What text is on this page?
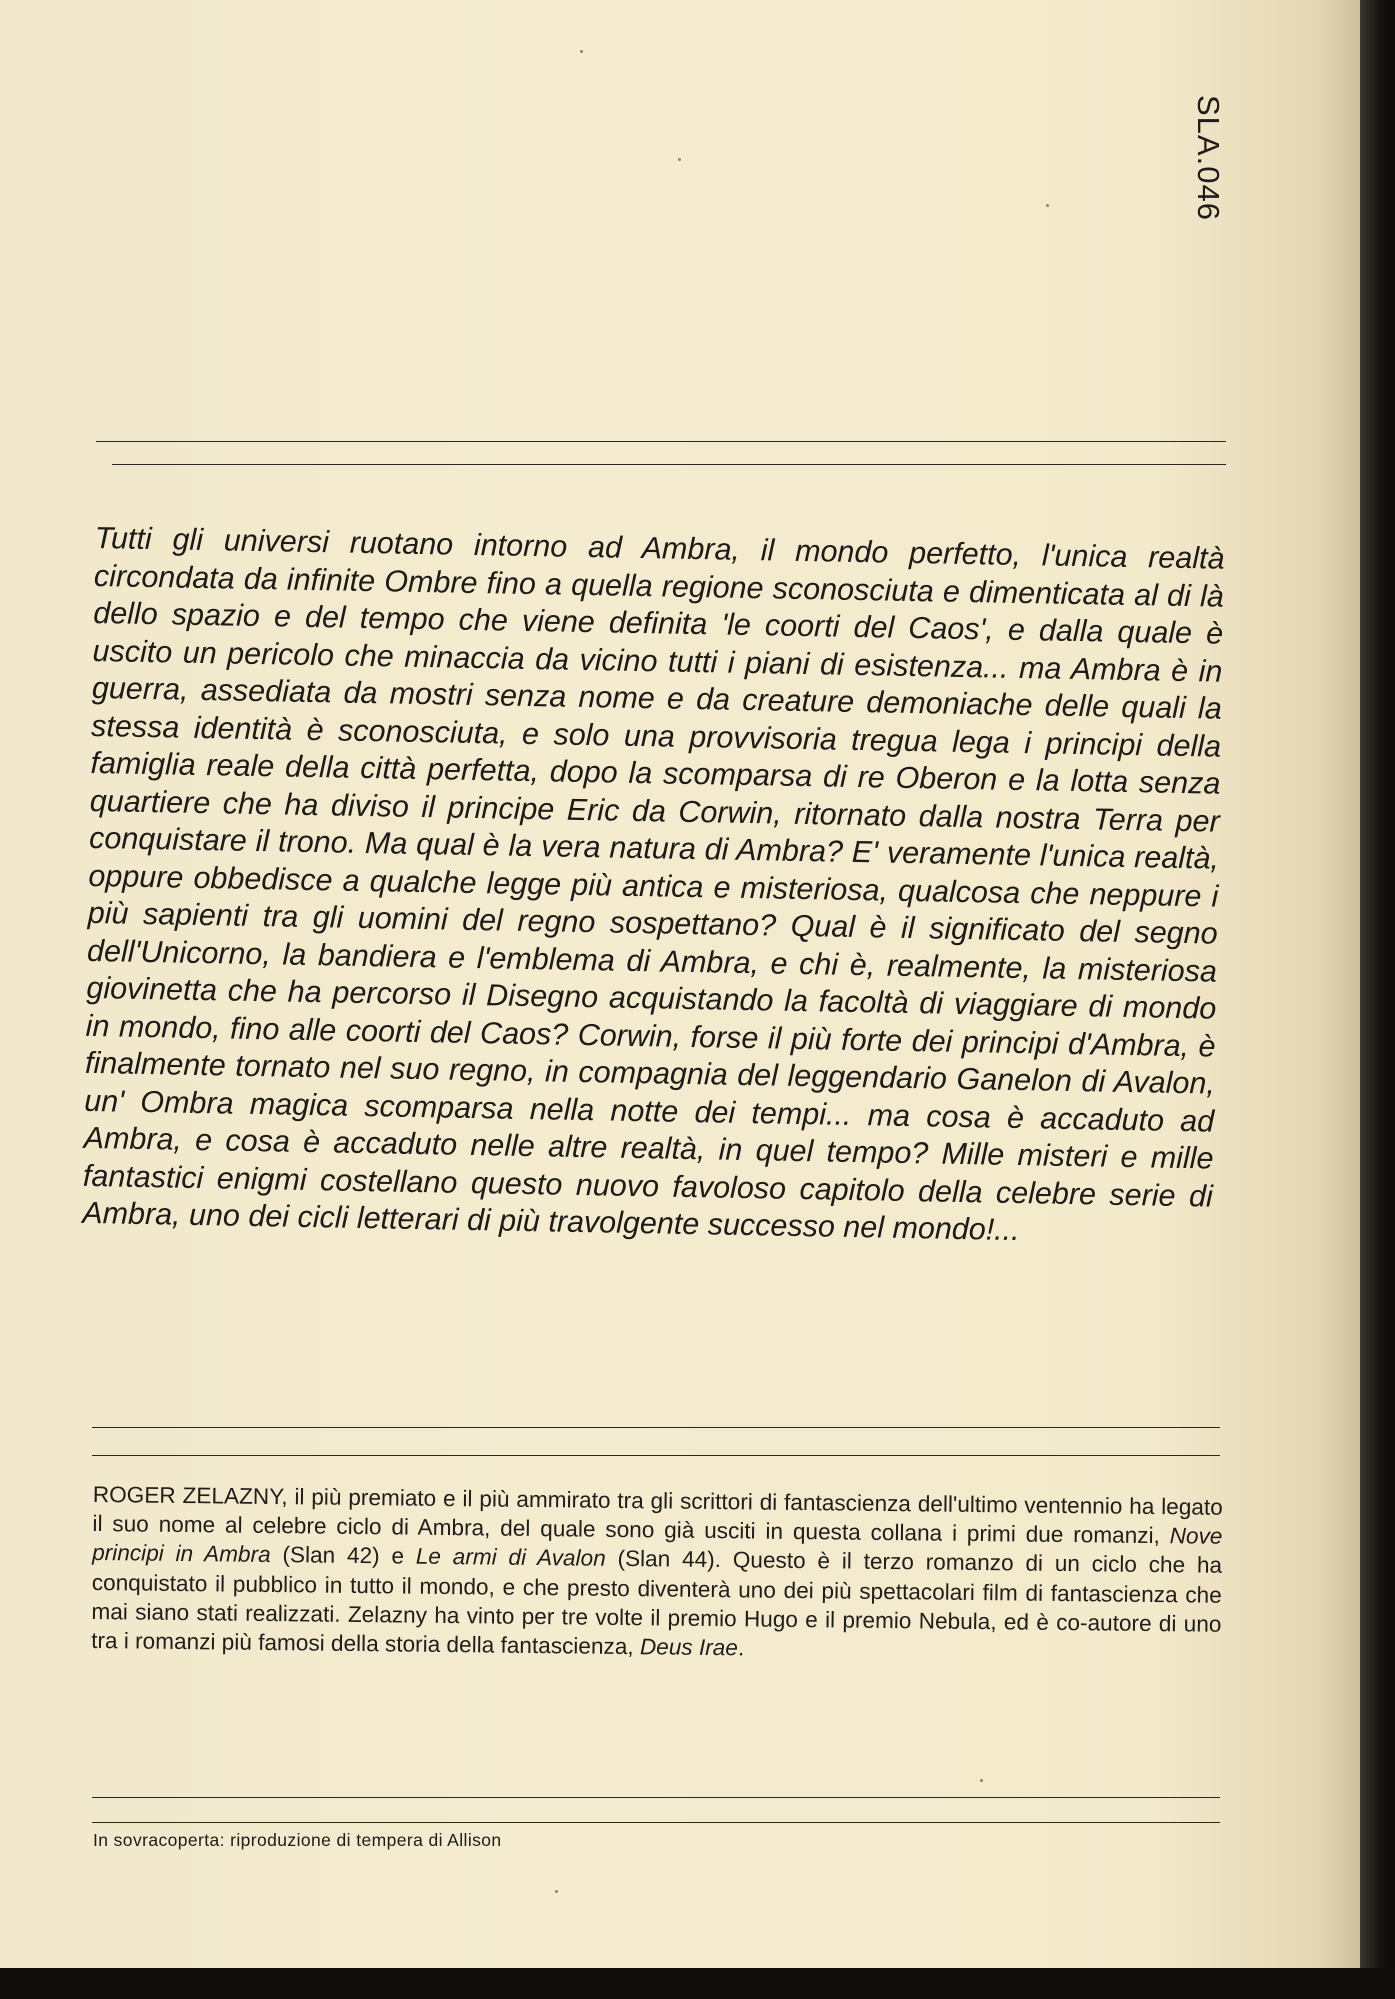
SLA.046
Tutti gli universi ruotano intorno ad Ambra, il mondo perfetto, l'unica realtà circondata da infinite Ombre fino a quella regione sconosciuta e dimenticata al di là dello spazio e del tempo che viene definita 'le coorti del Caos', e dalla quale è uscito un pericolo che minaccia da vicino tutti i piani di esistenza... ma Ambra è in guerra, assediata da mostri senza nome e da creature demoniache delle quali la stessa identità è sconosciuta, e solo una provvisoria tregua lega i principi della famiglia reale della città perfetta, dopo la scomparsa di re Oberon e la lotta senza quartiere che ha diviso il principe Eric da Corwin, ritornato dalla nostra Terra per conquistare il trono. Ma qual è la vera natura di Ambra? E' veramente l'unica realtà, oppure obbedisce a qualche legge più antica e misteriosa, qualcosa che neppure i più sapienti tra gli uomini del regno sospettano? Qual è il significato del segno dell'Unicorno, la bandiera e l'emblema di Ambra, e chi è, realmente, la misteriosa giovinetta che ha percorso il Disegno acquistando la facoltà di viaggiare di mondo in mondo, fino alle coorti del Caos? Corwin, forse il più forte dei principi d'Ambra, è finalmente tornato nel suo regno, in compagnia del leggendario Ganelon di Avalon, un' Ombra magica scomparsa nella notte dei tempi... ma cosa è accaduto ad Ambra, e cosa è accaduto nelle altre realtà, in quel tempo? Mille misteri e mille fantastici enigmi costellano questo nuovo favoloso capitolo della celebre serie di Ambra, uno dei cicli letterari di più travolgente successo nel mondo!...
ROGER ZELAZNY, il più premiato e il più ammirato tra gli scrittori di fantascienza dell'ultimo ventennio ha legato il suo nome al celebre ciclo di Ambra, del quale sono già usciti in questa collana i primi due romanzi, Nove principi in Ambra (Slan 42) e Le armi di Avalon (Slan 44). Questo è il terzo romanzo di un ciclo che ha conquistato il pubblico in tutto il mondo, e che presto diventerà uno dei più spettacolari film di fantascienza che mai siano stati realizzati. Zelazny ha vinto per tre volte il premio Hugo e il premio Nebula, ed è co-autore di uno tra i romanzi più famosi della storia della fantascienza, Deus Irae.
In sovracoperta: riproduzione di tempera di Allison
